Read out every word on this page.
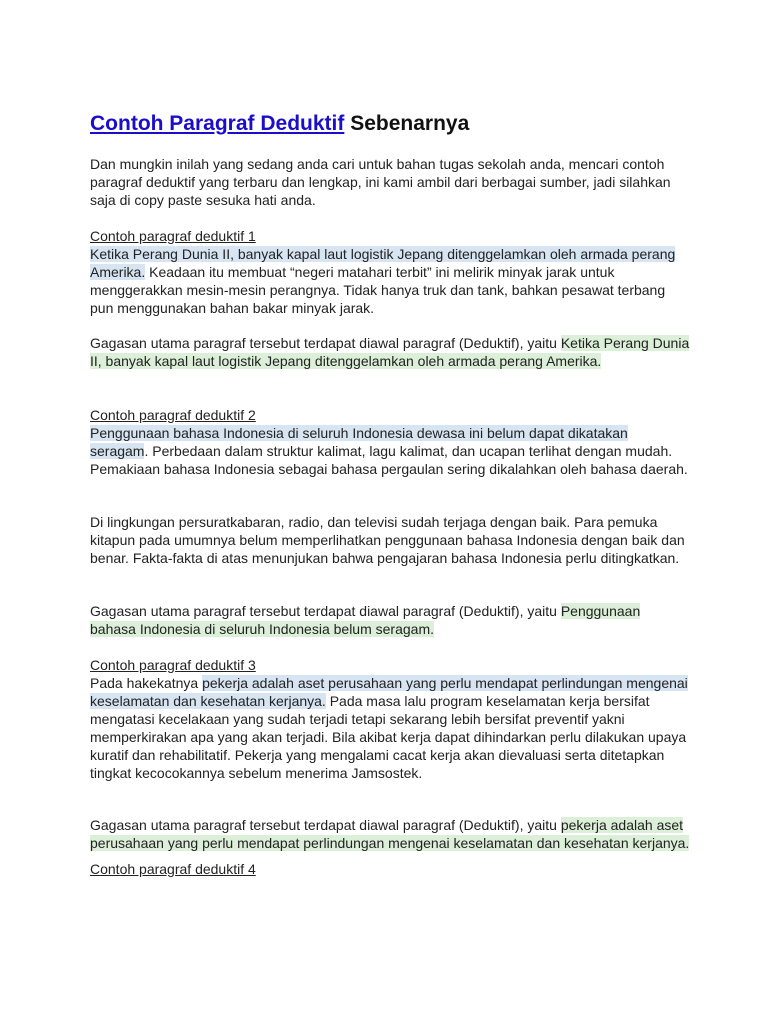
Contoh Paragraf Deduktif Sebenarnya

Dan mungkin inilah yang sedang anda cari untuk bahan tugas sekolah anda, mencari contoh paragraf deduktif yang terbaru dan lengkap, ini kami ambil dari berbagai sumber, jadi silahkan saja di copy paste sesuka hati anda.

Contoh paragraf deduktif 1
Ketika Perang Dunia II, banyak kapal laut logistik Jepang ditenggelamkan oleh armada perang Amerika. Keadaan itu membuat “negeri matahari terbit” ini melirik minyak jarak untuk menggerakkan mesin-mesin perangnya. Tidak hanya truk dan tank, bahkan pesawat terbang pun menggunakan bahan bakar minyak jarak.

Gagasan utama paragraf tersebut terdapat diawal paragraf (Deduktif), yaitu Ketika Perang Dunia II, banyak kapal laut logistik Jepang ditenggelamkan oleh armada perang Amerika.

Contoh paragraf deduktif 2
Penggunaan bahasa Indonesia di seluruh Indonesia dewasa ini belum dapat dikatakan seragam. Perbedaan dalam struktur kalimat, lagu kalimat, dan ucapan terlihat dengan mudah. Pemakiaan bahasa Indonesia sebagai bahasa pergaulan sering dikalahkan oleh bahasa daerah.

Di lingkungan persuratkabaran, radio, dan televisi sudah terjaga dengan baik. Para pemuka kitapun pada umumnya belum memperlihatkan penggunaan bahasa Indonesia dengan baik dan benar. Fakta-fakta di atas menunjukan bahwa pengajaran bahasa Indonesia perlu ditingkatkan.

Gagasan utama paragraf tersebut terdapat diawal paragraf (Deduktif), yaitu Penggunaan bahasa Indonesia di seluruh Indonesia belum seragam.

Contoh paragraf deduktif 3
Pada hakekatnya pekerja adalah aset perusahaan yang perlu mendapat perlindungan mengenai keselamatan dan kesehatan kerjanya. Pada masa lalu program keselamatan kerja bersifat mengatasi kecelakaan yang sudah terjadi tetapi sekarang lebih bersifat preventif yakni memperkirakan apa yang akan terjadi. Bila akibat kerja dapat dihindarkan perlu dilakukan upaya kuratif dan rehabilitatif. Pekerja yang mengalami cacat kerja akan dievaluasi serta ditetapkan tingkat kecocokannya sebelum menerima Jamsostek.

Gagasan utama paragraf tersebut terdapat diawal paragraf (Deduktif), yaitu pekerja adalah aset perusahaan yang perlu mendapat perlindungan mengenai keselamatan dan kesehatan kerjanya.

Contoh paragraf deduktif 4
